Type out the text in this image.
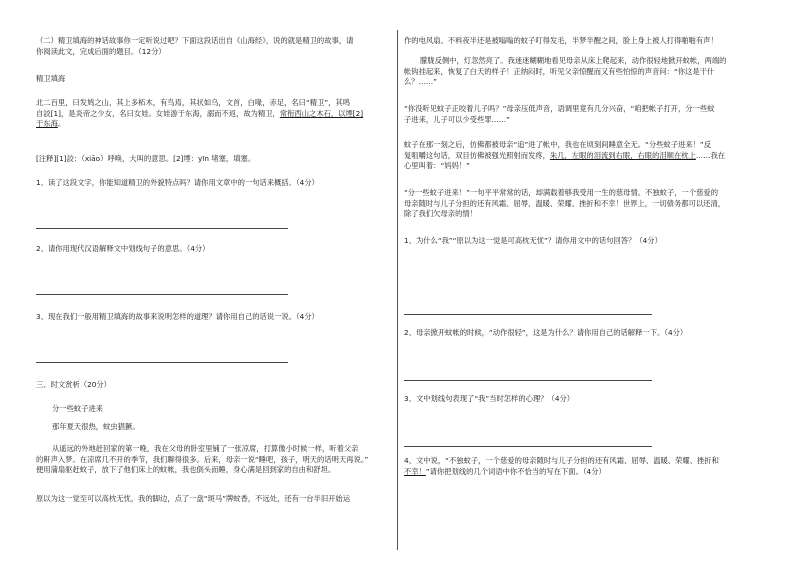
（二）精卫填海的神话故事你一定听说过吧？下面这段话出自《山海经》，说的就是精卫的故事，请

你阅读此文，完成后面的题目。（12分）

精卫填海

北二百里，曰发鸠之山，其上多柘木，有鸟焉，其状如乌，文首，白喙，赤足，名曰“精卫”，其鸣

自詨[1]，是炎帝之少女，名曰女娃。女娃游于东海，溺而不返，故为精卫，常衔西山之木石，以堙[2]

于东海。

[注释][1]詨：（xiāo）呼唤，大叫的意思。[2]堙：yīn 堵塞，填塞。

1、读了这段文字，你能知道精卫的外貌特点吗？请你用文章中的一句话来概括。（4分）

2、请你用现代汉语解释文中划线句子的意思。（4分）

3、现在我们一般用精卫填海的故事来说明怎样的道理？请你用自己的话说一说。（4分）

三、时文赏析（20分）

分一些蚊子进来

那年夏天很热，蚊虫猖獗。

从遥远的外地赶回家的第一晚，我在父母的卧室里铺了一张凉席，打算像小时候一样，听着父亲

的鼾声入梦。在凉席几不开的季节，我们聊得很多。后来，母亲一说“睡吧，孩子，明天的话明天再说。”

便用蒲扇驱赶蚊子，放下了他们床上的蚊帐，我也倒头而睡，身心满是回到家的自由和舒坦。

原以为这一觉至可以高枕无忧，我的脚边，点了一盘“斑马”牌蚊香，不远处，还有一台半旧开始运

作的电风扇。不料夜半还是被嗡嗡的蚊子叮得发毛，半梦半醒之间，脸上身上被人打得啪啪有声！

朦胧反侧中，灯忽然亮了。我迷迷糊糊地看见母亲从床上爬起来，动作很轻地掀开蚊帐，两端的

帐钩挂起来，恢复了白天的样子！正纳闷时，听见父亲惊醒而又有些怕惊的声音问：“你这是干什

么？……”

“你没听见蚊子正咬着儿子吗？”母亲压低声音，语调里竟有几分兴奋，“咱把帐子打开，分一些蚊

子进来，儿子可以少受些罪……”

蚊子在那一刻之后，仿佛都被母亲“追”进了帐中，我也在顷刻间睡意全无。“分些蚊子进来！”反

复咀嚼这句话，双目仿佛被强光照射而发疼，朱几，左眼的泪流到右眼，右眼的泪顺在枕上……我在

心里叫着：“妈妈！”

“分一些蚊子进来！”一句平平常常的话，却满载着够我受用一生的慈母情。不独蚊子，一个慈爱的

母亲随时与儿子分担的还有风霜、屈辱、温暖、荣耀、挫折和不幸！世界上，一切债务都可以还清，

除了我们欠母亲的情！

1、为什么“我”“原以为这一觉是可高枕无忧”？请你用文中的话句回答？（4分）

2、母亲掀开蚊帐的时候，“动作很轻”，这是为什么？请你用自己的话解释一下。（4分）

3、文中划线句表现了“我”当时怎样的心理？（4分）

4、文中说，“不独蚊子，一个慈爱的母亲随时与儿子分担的还有风霜、屈辱、温暖、荣耀、挫折和

不幸！”请你把划线的几个词语中你不恰当的写在下面。（4分）
